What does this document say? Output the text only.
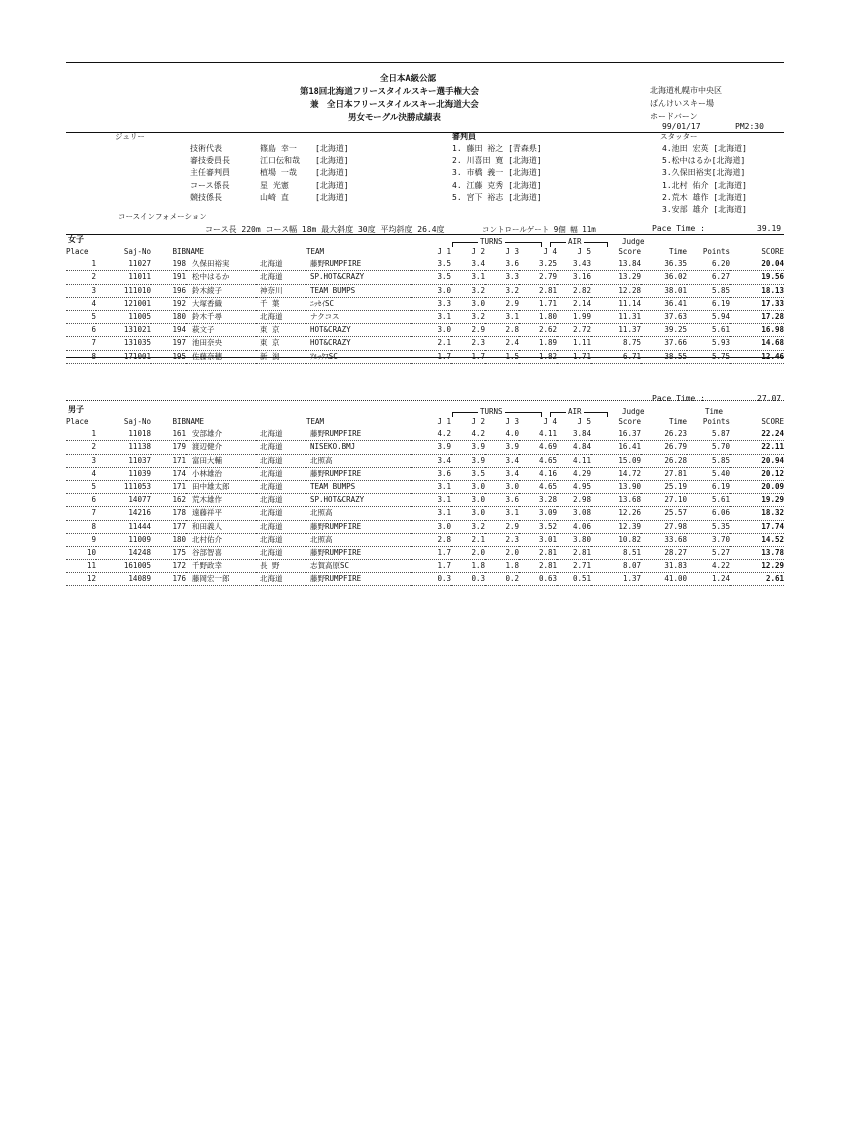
全日本A級公認
第18回北海道フリースタイルスキー選手権大会
兼　全日本フリースタイルスキー北海道大会
男女モーグル決勝成績表
北海道札幌市中央区
ばんけいスキー場
ホードバーン
99/01/17	PM2:30
ジュリー
技術代表	篠島 幸一 [北海道]
審技委員長	江口伝和哉 [北海道]
主任審判員	植場 一哉 [北海道]
コース係長	星 光憲	[北海道]
競技係長	山崎 直	[北海道]
審判員
1. 藤田 裕之 [青森県]
2. 川喜田 寛 [北海道]
3. 市橋 義一 [北海道]
4. 江藤 克秀 [北海道]
5. 宮下 裕志 [北海道]
スタッター
4.池田 宏英 [北海道]
5.松中はるか[北海道]
3.久保田裕実[北海道]
1.北村 佑介 [北海道]
2.荒木 雄作 [北海道]
3.安部 雄介 [北海道]
コースインフォメーション
コース長 220m コース幅 18m 最大斜度 30度 平均斜度 26.4度	コントロールゲート 9個 幅 11m	Pace Time :	39.19
女子	TURNS	AIR	Judge
Place	Saj-No	BIB	NAME		TEAM	J 1	J 2	J 3	J 4	J 5	Score	Time	Points	SCORE
1	11027	198	久保田裕実	北海道	藤野RUMPFIRE	3.5	3.4	3.6	3.25	3.43	13.84	36.35	6.20	20.04
2	11011	191	松中はるか	北海道	SP.HOT&CRAZY	3.5	3.1	3.3	2.79	3.16	13.29	36.02	6.27	19.56
3	111010	196	鈴木綾子	神奈川	TEAM BUMPS	3.0	3.2	3.2	2.81	2.82	12.28	38.01	5.85	18.13
4	121001	192	大塚香織	千 葉	ﾆｯｾｲSC	3.3	3.0	2.9	1.71	2.14	11.14	36.41	6.19	17.33
5	11005	180	鈴木千尋	北海道	ナクコス	3.1	3.2	3.1	1.80	1.99	11.31	37.63	5.94	17.28
6	131021	194	萩文子	東 京	HOT&CRAZY	3.0	2.9	2.8	2.62	2.72	11.37	39.25	5.61	16.98
7	131035	197	池田奈央	東 京	HOT&CRAZY	2.1	2.3	2.4	1.89	1.11	8.75	37.66	5.93	14.68
8	171001	195	佐藤奈穂	新 潟	ｱﾙｯｸｽSC	1.7	1.7	1.5	1.82	1.71	6.71	38.55	5.75	12.46
Pace Time :	27.07
男子	TURNS	AIR	Judge	Time
Place	Saj-No	BIB	NAME		TEAM	J 1	J 2	J 3	J 4	J 5	Score	Time	Points	SCORE
1	11018	161	安部雄介	北海道	藤野RUMPFIRE	4.2	4.2	4.0	4.11	3.84	16.37	26.23	5.87	22.24
2	11138	179	渡辺健介	北海道	NISEKO.BMJ	3.9	3.9	3.9	4.69	4.84	16.41	26.79	5.70	22.11
3	11037	171	富田大輔	北海道	北照高	3.4	3.9	3.4	4.65	4.11	15.09	26.28	5.85	20.94
4	11039	174	小林雄治	北海道	藤野RUMPFIRE	3.6	3.5	3.4	4.16	4.29	14.72	27.81	5.40	20.12
5	111053	171	田中雄太郎	北海道	TEAM BUMPS	3.1	3.0	3.0	4.65	4.95	13.90	25.19	6.19	20.09
6	14077	162	荒木雄作	北海道	SP.HOT&CRAZY	3.1	3.0	3.6	3.28	2.98	13.68	27.10	5.61	19.29
7	14216	178	遠藤祥平	北海道	北照高	3.1	3.0	3.1	3.09	3.08	12.26	25.57	6.06	18.32
8	11444	177	和田義人	北海道	藤野RUMPFIRE	3.0	3.2	2.9	3.52	4.06	12.39	27.98	5.35	17.74
9	11009	180	北村佑介	北海道	北照高	2.8	2.1	2.3	3.01	3.80	10.82	33.68	3.70	14.52
10	14248	175	谷部智喜	北海道	藤野RUMPFIRE	1.7	2.0	2.0	2.81	2.81	8.51	28.27	5.27	13.78
11	161005	172	千野政幸	長 野	志賀高原SC	1.7	1.8	1.8	2.81	2.71	8.07	31.83	4.22	12.29
12	14089	176	藤岡宏一郎	北海道	藤野RUMPFIRE	0.3	0.3	0.2	0.63	0.51	1.37	41.00	1.24	2.61
